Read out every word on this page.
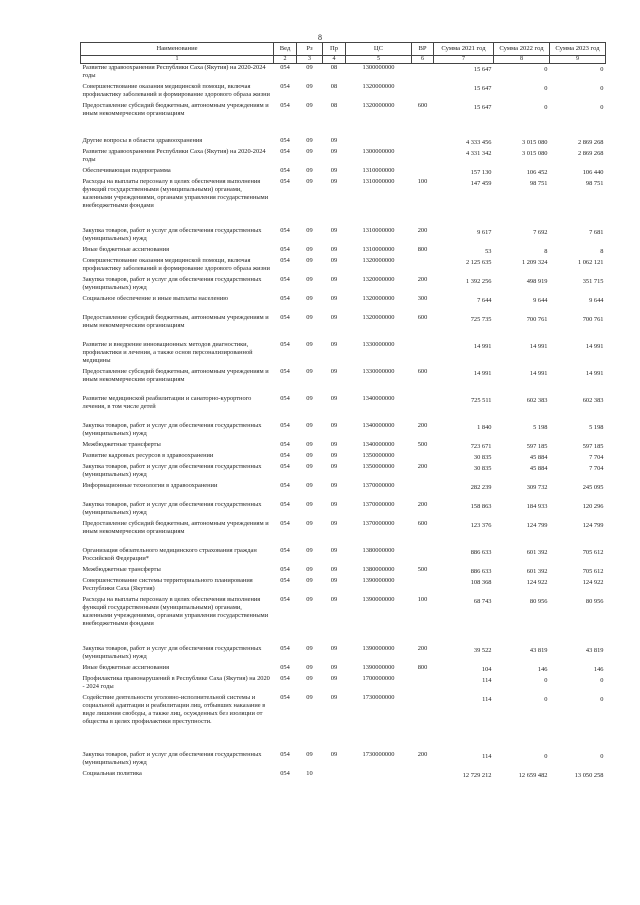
8
Наименование	Вед	Рз	Пр	ЦС	ВР	Сумма 2021 год	Сумма 2022 год	Сумма 2023 год
1	2	3	4	5	6	7	8	9
Развитие здравоохранения Республики Саха (Якутия) на 2020-2024 годы	054	09	08	1300000000		15 647	0	0
Совершенствование оказания медицинской помощи, включая профилактику заболеваний и формирование здорового образа жизни	054	09	08	1320000000		15 647	0	0
Предоставление субсидий бюджетным, автономным учреждениям и иным некоммерческим организациям	054	09	08	1320000000	600	15 647	0	0
Другие вопросы в области здравоохранения	054	09	09			4 333 456	3 015 080	2 869 268
Развитие здравоохранения Республики Саха (Якутия) на 2020-2024 годы	054	09	09	1300000000		4 331 342	3 015 080	2 869 268
Обеспечивающая подпрограмма	054	09	09	1310000000		157 130	106 452	106 440
Расходы на выплаты персоналу в целях обеспечения выполнения функций государственными (муниципальными) органами, казенными учреждениями, органами управления государственными внебюджетными фондами	054	09	09	1310000000	100	147 459	98 751	98 751
Закупка товаров, работ и услуг для обеспечения государственных (муниципальных) нужд	054	09	09	1310000000	200	9 617	7 692	7 681
Иные бюджетные ассигнования	054	09	09	1310000000	800	53	8	8
Совершенствование оказания медицинской помощи, включая профилактику заболеваний и формирование здорового образа жизни	054	09	09	1320000000		2 125 635	1 209 324	1 062 121
Закупка товаров, работ и услуг для обеспечения государственных (муниципальных) нужд	054	09	09	1320000000	200	1 392 256	498 919	351 715
Социальное обеспечение и иные выплаты населению	054	09	09	1320000000	300	7 644	9 644	9 644
Предоставление субсидий бюджетным, автономным учреждениям и иным некоммерческим организациям	054	09	09	1320000000	600	725 735	700 761	700 761
Развитие и внедрение инновационных методов диагностики, профилактики и лечения, а также основ персонализированной медицины	054	09	09	1330000000		14 991	14 991	14 991
Предоставление субсидий бюджетным, автономным учреждениям и иным некоммерческим организациям	054	09	09	1330000000	600	14 991	14 991	14 991
Развитие медицинской реабилитации и санаторно-курортного лечения, в том числе детей	054	09	09	1340000000		725 511	602 383	602 383
Закупка товаров, работ и услуг для обеспечения государственных (муниципальных) нужд	054	09	09	1340000000	200	1 840	5 198	5 198
Межбюджетные трансферты	054	09	09	1340000000	500	723 671	597 185	597 185
Развитие кадровых ресурсов в здравоохранении	054	09	09	1350000000		30 835	45 884	7 704
Закупка товаров, работ и услуг для обеспечения государственных (муниципальных) нужд	054	09	09	1350000000	200	30 835	45 884	7 704
Информационные технологии в здравоохранении	054	09	09	1370000000		282 239	309 732	245 095
Закупка товаров, работ и услуг для обеспечения государственных (муниципальных) нужд	054	09	09	1370000000	200	158 863	184 933	120 296
Предоставление субсидий бюджетным, автономным учреждениям и иным некоммерческим организациям	054	09	09	1370000000	600	123 376	124 799	124 799
Организация обязательного медицинского страхования граждан Российской Федерации*	054	09	09	1380000000		886 633	601 392	705 612
Межбюджетные трансферты	054	09	09	1380000000	500	886 633	601 392	705 612
Совершенствование системы территориального планирования Республики Саха (Якутия)	054	09	09	1390000000		108 368	124 922	124 922
Расходы на выплаты персоналу в целях обеспечения выполнения функций государственными (муниципальными) органами, казенными учреждениями, органами управления государственными внебюджетными фондами	054	09	09	1390000000	100	68 743	80 956	80 956
Закупка товаров, работ и услуг для обеспечения государственных (муниципальных) нужд	054	09	09	1390000000	200	39 522	43 819	43 819
Иные бюджетные ассигнования	054	09	09	1390000000	800	104	146	146
Профилактика правонарушений в Республике Саха (Якутия) на 2020 - 2024 годы	054	09	09	1700000000		114	0	0
Содействие деятельности уголовно-исполнительной системы и социальной адаптации и реабилитации лиц, отбывших наказание в виде лишения свободы, а также лиц, осужденных без изоляции от общества в целях профилактики преступности.	054	09	09	1730000000		114	0	0
Закупка товаров, работ и услуг для обеспечения государственных (муниципальных) нужд	054	09	09	1730000000	200	114	0	0
Социальная политика	054	10				12 729 212	12 659 482	13 050 258
